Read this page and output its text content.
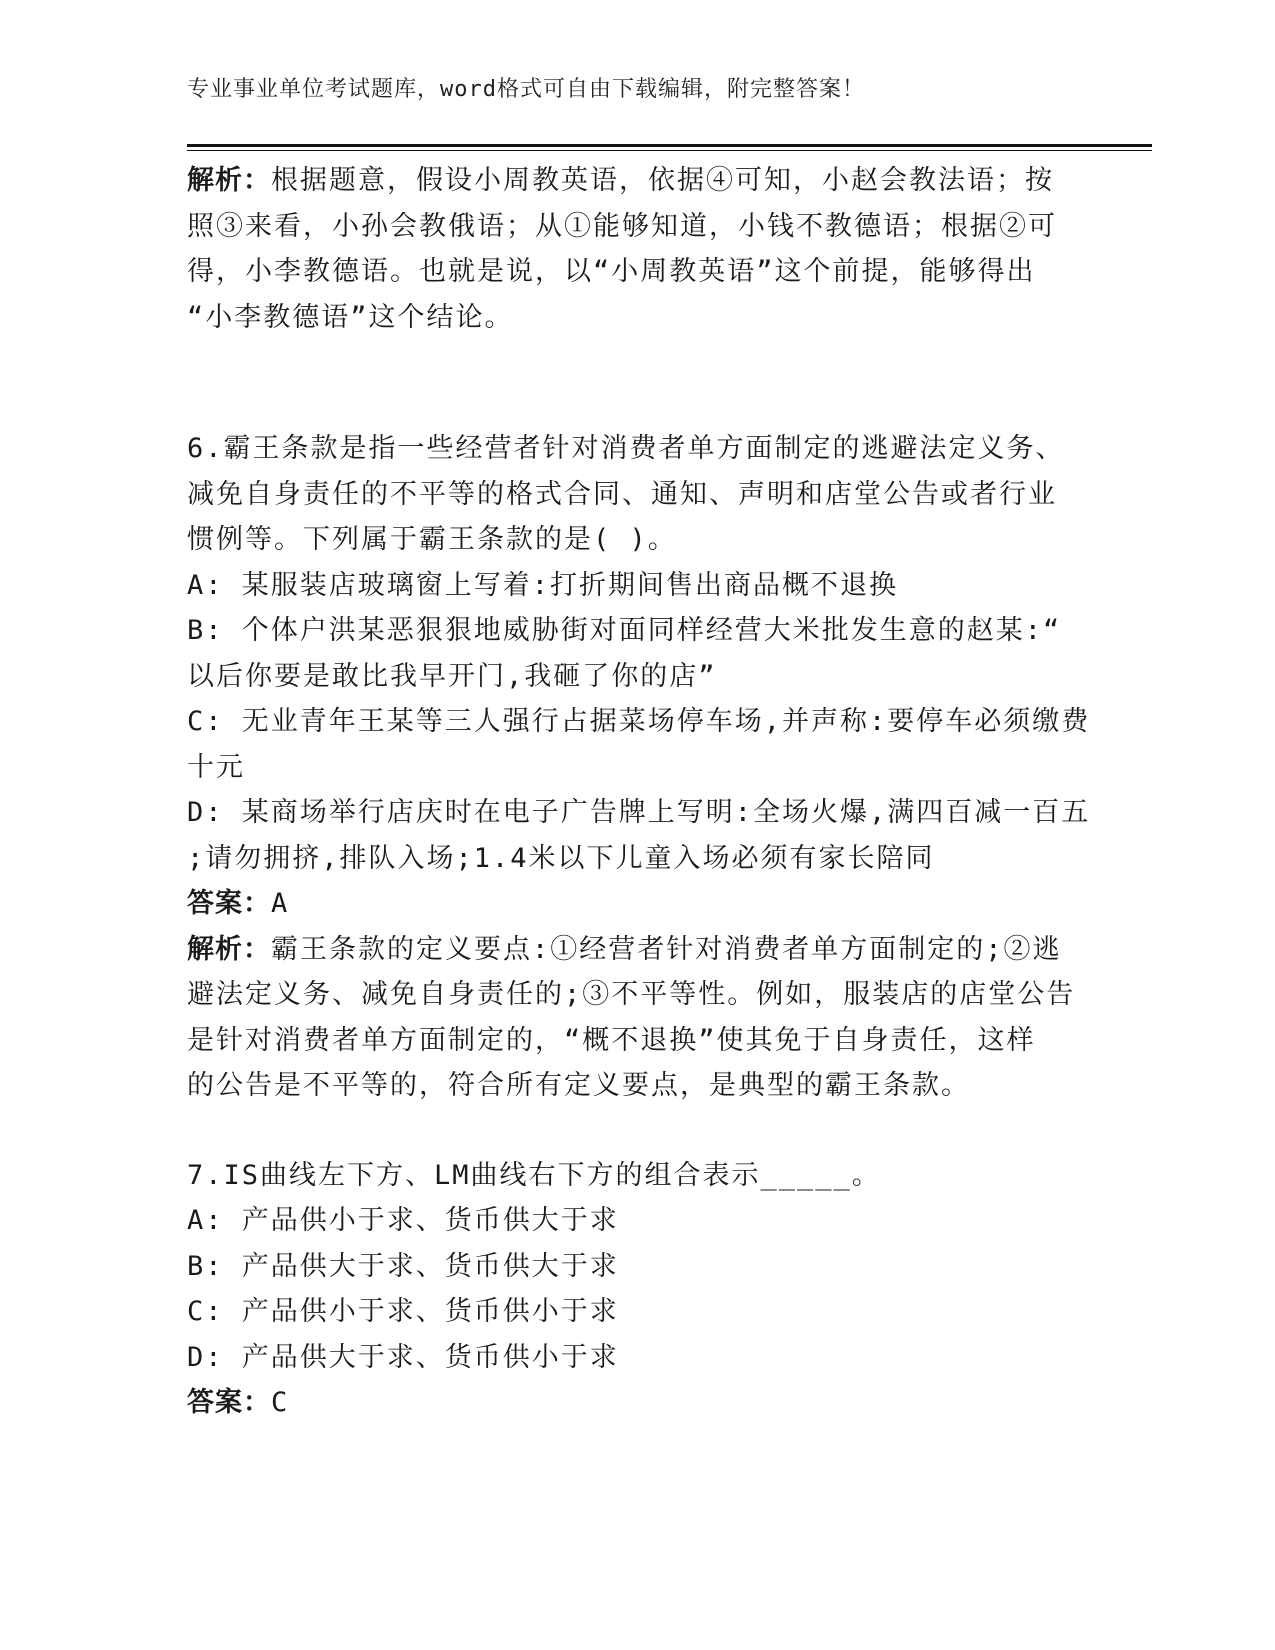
专业事业单位考试题库，word格式可自由下载编辑，附完整答案！
解析：根据题意，假设小周教英语，依据④可知，小赵会教法语；按
照③来看，小孙会教俄语；从①能够知道，小钱不教德语；根据②可
得，小李教德语。也就是说，以“小周教英语”这个前提，能够得出
“小李教德语”这个结论。
6.霸王条款是指一些经营者针对消费者单方面制定的逃避法定义务、
减免自身责任的不平等的格式合同、通知、声明和店堂公告或者行业
惯例等。下列属于霸王条款的是( )。
A: 某服装店玻璃窗上写着:打折期间售出商品概不退换
B: 个体户洪某恶狠狠地威胁街对面同样经营大米批发生意的赵某:“
以后你要是敢比我早开门,我砸了你的店”
C: 无业青年王某等三人强行占据菜场停车场,并声称:要停车必须缴费
十元
D: 某商场举行店庆时在电子广告牌上写明:全场火爆,满四百减一百五
;请勿拥挤,排队入场;1.4米以下儿童入场必须有家长陪同
答案：A
解析：霸王条款的定义要点:①经营者针对消费者单方面制定的;②逃
避法定义务、减免自身责任的;③不平等性。例如，服装店的店堂公告
是针对消费者单方面制定的，“概不退换”使其免于自身责任，这样
的公告是不平等的，符合所有定义要点，是典型的霸王条款。
7.IS曲线左下方、LM曲线右下方的组合表示_____。
A: 产品供小于求、货币供大于求
B: 产品供大于求、货币供大于求
C: 产品供小于求、货币供小于求
D: 产品供大于求、货币供小于求
答案：C
